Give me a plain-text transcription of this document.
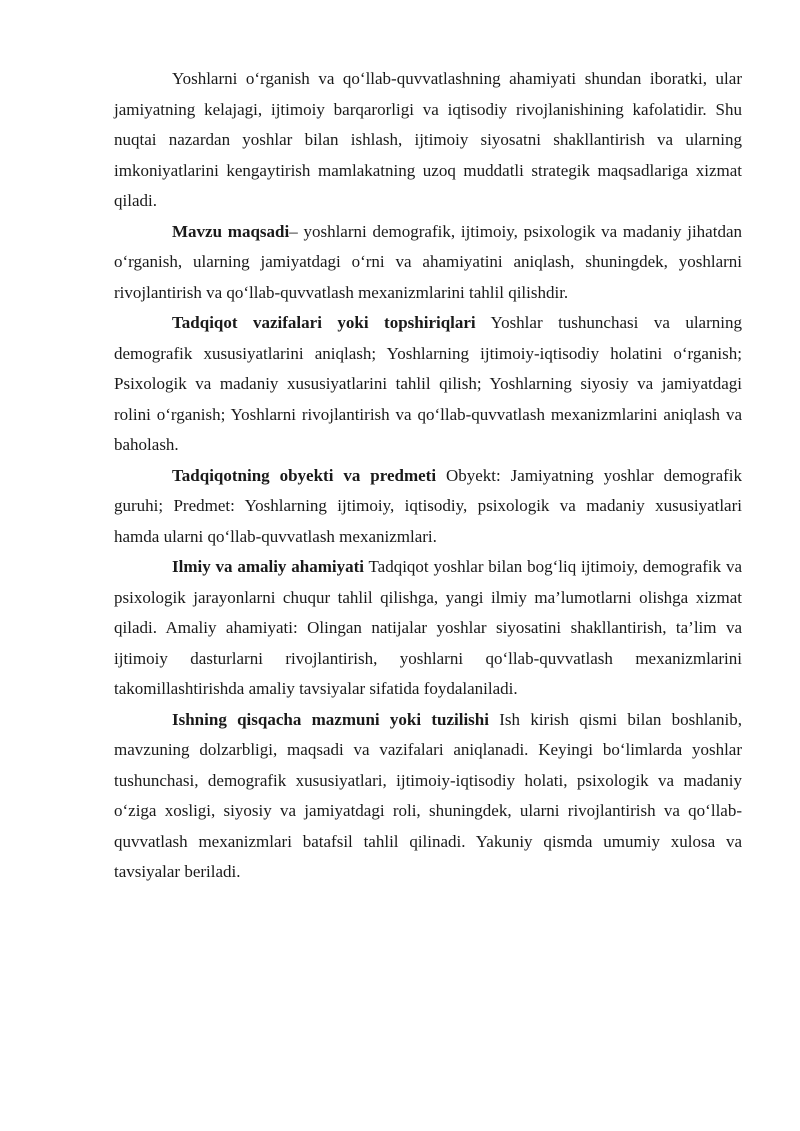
Yoshlarni o‘rganish va qo‘llab-quvvatlashning ahamiyati shundan iboratki, ular jamiyatning kelajagi, ijtimoiy barqarorligi va iqtisodiy rivojlanishining kafolatidir. Shu nuqtai nazardan yoshlar bilan ishlash, ijtimoiy siyosatni shakllantirish va ularning imkoniyatlarini kengaytirish mamlakatning uzoq muddatli strategik maqsadlariga xizmat qiladi.

Mavzu maqsadi– yoshlarni demografik, ijtimoiy, psixologik va madaniy jihatdan o‘rganish, ularning jamiyatdagi o‘rni va ahamiyatini aniqlash, shuningdek, yoshlarni rivojlantirish va qo‘llab-quvvatlash mexanizmlarini tahlil qilishdir.

Tadqiqot vazifalari yoki topshiriqlari Yoshlar tushunchasi va ularning demografik xususiyatlarini aniqlash; Yoshlarning ijtimoiy-iqtisodiy holatini o‘rganish; Psixologik va madaniy xususiyatlarini tahlil qilish; Yoshlarning siyosiy va jamiyatdagi rolini o‘rganish; Yoshlarni rivojlantirish va qo‘llab-quvvatlash mexanizmlarini aniqlash va baholash.

Tadqiqotning obyekti va predmeti Obyekt: Jamiyatning yoshlar demografik guruhi; Predmet: Yoshlarning ijtimoiy, iqtisodiy, psixologik va madaniy xususiyatlari hamda ularni qo‘llab-quvvatlash mexanizmlari.

Ilmiy va amaliy ahamiyati Tadqiqot yoshlar bilan bog‘liq ijtimoiy, demografik va psixologik jarayonlarni chuqur tahlil qilishga, yangi ilmiy ma’lumotlarni olishga xizmat qiladi. Amaliy ahamiyati: Olingan natijalar yoshlar siyosatini shakllantirish, ta’lim va ijtimoiy dasturlarni rivojlantirish, yoshlarni qo‘llab-quvvatlash mexanizmlarini takomillashtirishda amaliy tavsiyalar sifatida foydalaniladi.

Ishning qisqacha mazmuni yoki tuzilishi Ish kirish qismi bilan boshlanib, mavzuning dolzarbligi, maqsadi va vazifalari aniqlanadi. Keyingi bo‘limlarda yoshlar tushunchasi, demografik xususiyatlari, ijtimoiy-iqtisodiy holati, psixologik va madaniy o‘ziga xosligi, siyosiy va jamiyatdagi roli, shuningdek, ularni rivojlantirish va qo‘llab-quvvatlash mexanizmlari batafsil tahlil qilinadi. Yakuniy qismda umumiy xulosa va tavsiyalar beriladi.
